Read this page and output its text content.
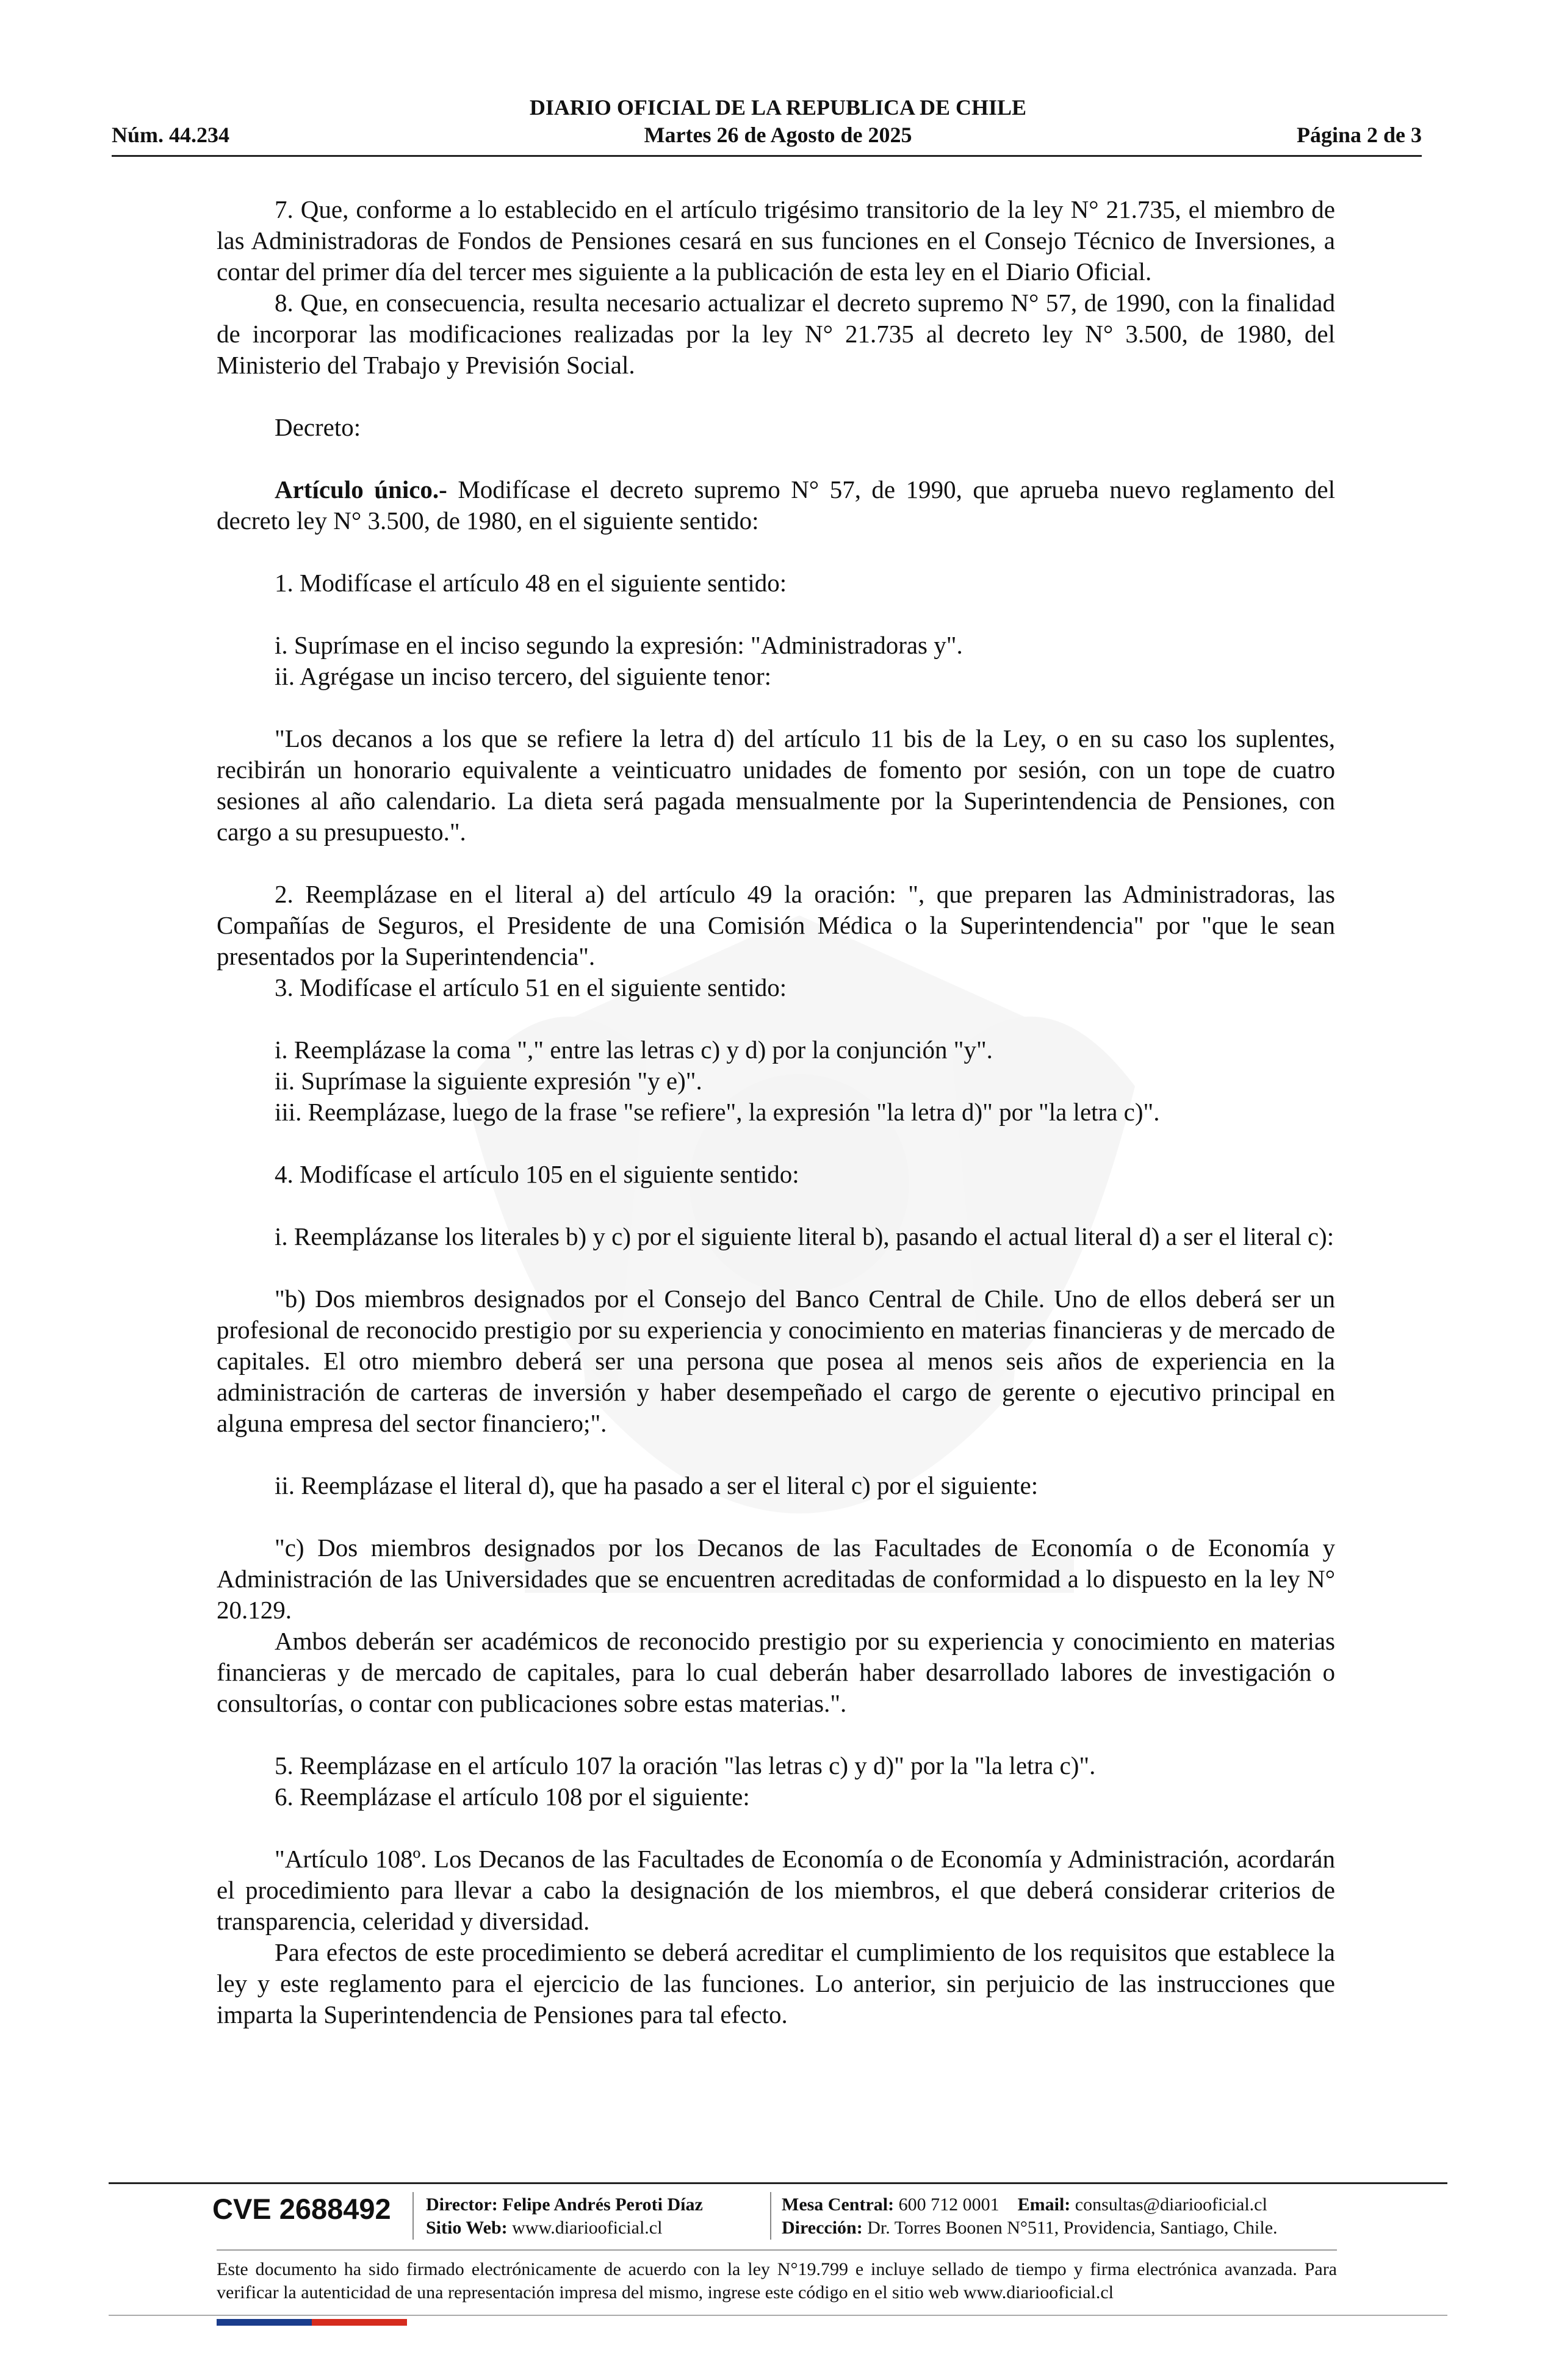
DIARIO OFICIAL DE LA REPUBLICA DE CHILE
Núm. 44.234	Martes 26 de Agosto de 2025	Página 2 de 3

7. Que, conforme a lo establecido en el artículo trigésimo transitorio de la ley N° 21.735, el miembro de las Administradoras de Fondos de Pensiones cesará en sus funciones en el Consejo Técnico de Inversiones, a contar del primer día del tercer mes siguiente a la publicación de esta ley en el Diario Oficial.

8. Que, en consecuencia, resulta necesario actualizar el decreto supremo N° 57, de 1990, con la finalidad de incorporar las modificaciones realizadas por la ley N° 21.735 al decreto ley N° 3.500, de 1980, del Ministerio del Trabajo y Previsión Social.

Decreto:

Artículo único.- Modifícase el decreto supremo N° 57, de 1990, que aprueba nuevo reglamento del decreto ley N° 3.500, de 1980, en el siguiente sentido:

1. Modifícase el artículo 48 en el siguiente sentido:

i. Suprímase en el inciso segundo la expresión: "Administradoras y".

ii. Agrégase un inciso tercero, del siguiente tenor:

"Los decanos a los que se refiere la letra d) del artículo 11 bis de la Ley, o en su caso los suplentes, recibirán un honorario equivalente a veinticuatro unidades de fomento por sesión, con un tope de cuatro sesiones al año calendario. La dieta será pagada mensualmente por la Superintendencia de Pensiones, con cargo a su presupuesto.".

2. Reemplázase en el literal a) del artículo 49 la oración: ", que preparen las Administradoras, las Compañías de Seguros, el Presidente de una Comisión Médica o la Superintendencia" por "que le sean presentados por la Superintendencia".

3. Modifícase el artículo 51 en el siguiente sentido:

i. Reemplázase la coma "," entre las letras c) y d) por la conjunción "y".

ii. Suprímase la siguiente expresión "y e)".

iii. Reemplázase, luego de la frase "se refiere", la expresión "la letra d)" por "la letra c)".

4. Modifícase el artículo 105 en el siguiente sentido:

i. Reemplázanse los literales b) y c) por el siguiente literal b), pasando el actual literal d) a ser el literal c):

"b) Dos miembros designados por el Consejo del Banco Central de Chile. Uno de ellos deberá ser un profesional de reconocido prestigio por su experiencia y conocimiento en materias financieras y de mercado de capitales. El otro miembro deberá ser una persona que posea al menos seis años de experiencia en la administración de carteras de inversión y haber desempeñado el cargo de gerente o ejecutivo principal en alguna empresa del sector financiero;".

ii. Reemplázase el literal d), que ha pasado a ser el literal c) por el siguiente:

"c) Dos miembros designados por los Decanos de las Facultades de Economía o de Economía y Administración de las Universidades que se encuentren acreditadas de conformidad a lo dispuesto en la ley N° 20.129.

Ambos deberán ser académicos de reconocido prestigio por su experiencia y conocimiento en materias financieras y de mercado de capitales, para lo cual deberán haber desarrollado labores de investigación o consultorías, o contar con publicaciones sobre estas materias.".

5. Reemplázase en el artículo 107 la oración "las letras c) y d)" por la "la letra c)".

6. Reemplázase el artículo 108 por el siguiente:

"Artículo 108º. Los Decanos de las Facultades de Economía o de Economía y Administración, acordarán el procedimiento para llevar a cabo la designación de los miembros, el que deberá considerar criterios de transparencia, celeridad y diversidad.

Para efectos de este procedimiento se deberá acreditar el cumplimiento de los requisitos que establece la ley y este reglamento para el ejercicio de las funciones. Lo anterior, sin perjuicio de las instrucciones que imparta la Superintendencia de Pensiones para tal efecto.

CVE 2688492 Director: Felipe Andrés Peroti Díaz
Sitio Web: www.diariooficial.cl
Mesa Central: 600 712 0001 Email: consultas@diariooficial.cl
Dirección: Dr. Torres Boonen N°511, Providencia, Santiago, Chile.
Este documento ha sido firmado electrónicamente de acuerdo con la ley N°19.799 e incluye sellado de tiempo y firma electrónica avanzada. Para verificar la autenticidad de una representación impresa del mismo, ingrese este código en el sitio web www.diariooficial.cl
